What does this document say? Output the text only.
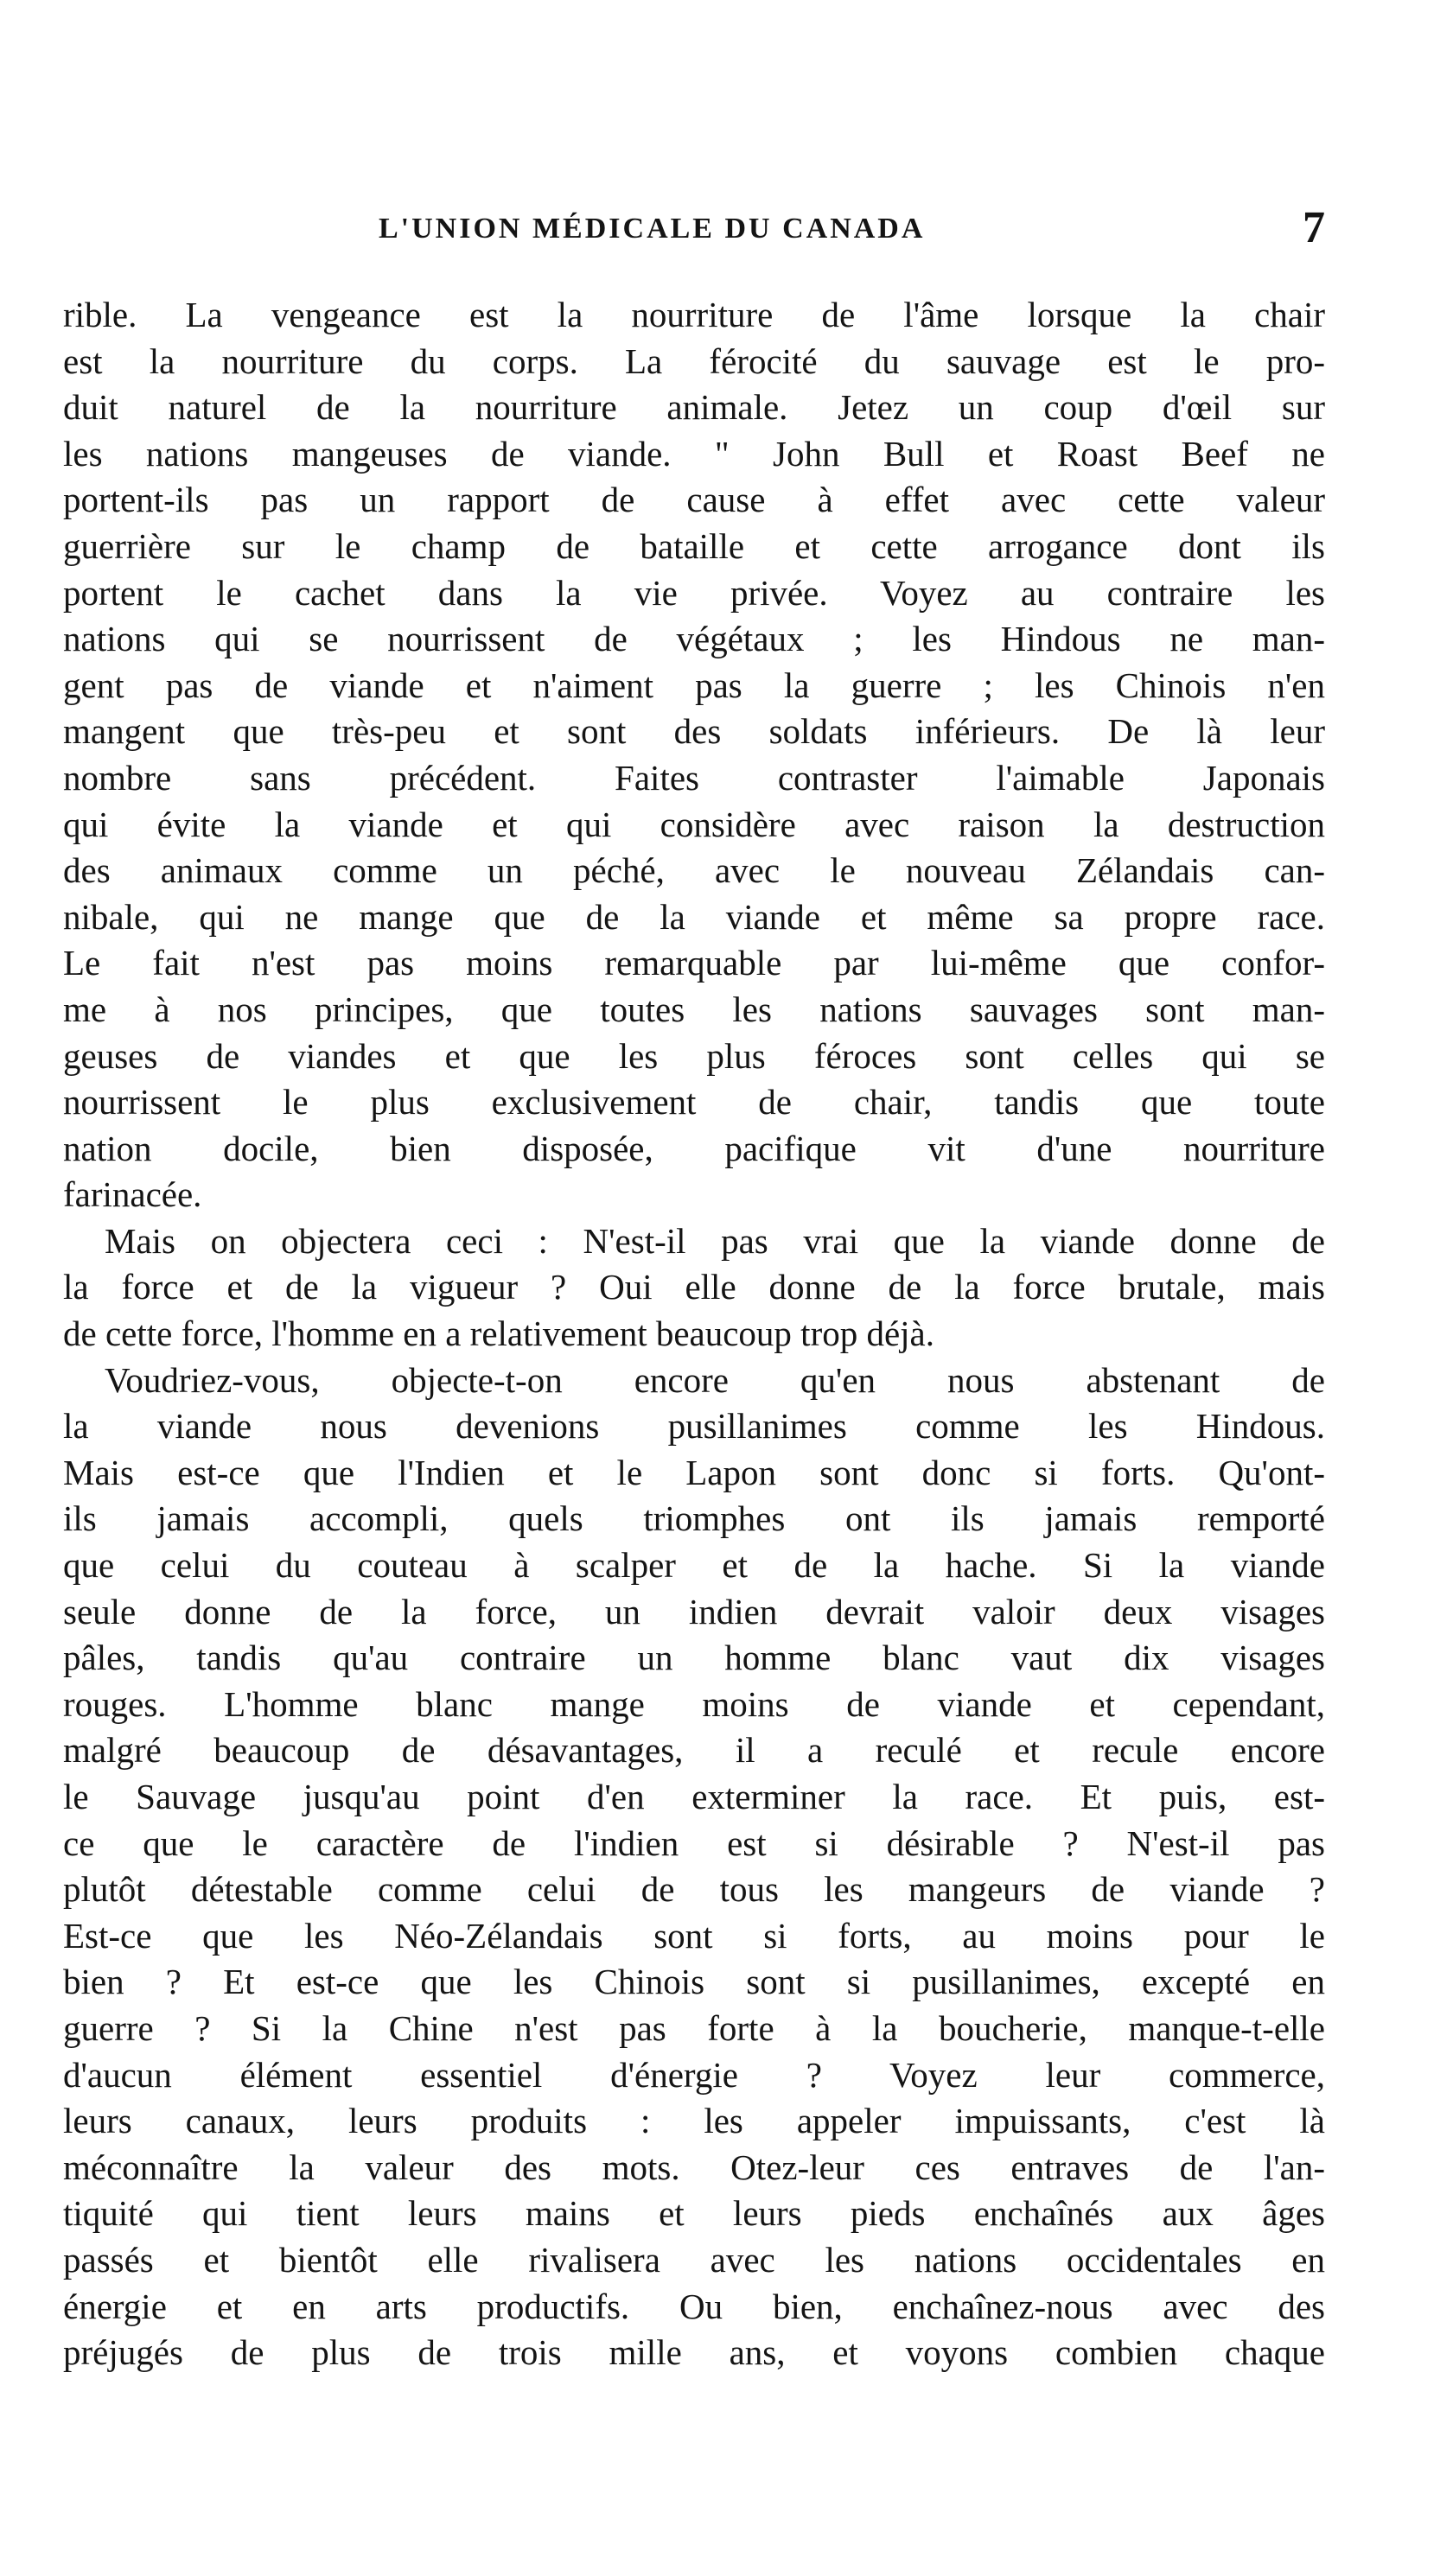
L'UNION MÉDICALE DU CANADA	7
rible. La vengeance est la nourriture de l'âme lorsque la chair
est la nourriture du corps. La férocité du sauvage est le pro-
duit naturel de la nourriture animale. Jetez un coup d'œil sur
les nations mangeuses de viande. " John Bull et Roast Beef ne
portent-ils pas un rapport de cause à effet avec cette valeur
guerrière sur le champ de bataille et cette arrogance dont ils
portent le cachet dans la vie privée. Voyez au contraire les
nations qui se nourrissent de végétaux ; les Hindous ne man-
gent pas de viande et n'aiment pas la guerre ; les Chinois n'en
mangent que très-peu et sont des soldats inférieurs. De là leur
nombre sans précédent. Faites contraster l'aimable Japonais
qui évite la viande et qui considère avec raison la destruction
des animaux comme un péché, avec le nouveau Zélandais can-
nibale, qui ne mange que de la viande et même sa propre race.
Le fait n'est pas moins remarquable par lui-même que confor-
me à nos principes, que toutes les nations sauvages sont man-
geuses de viandes et que les plus féroces sont celles qui se
nourrissent le plus exclusivement de chair, tandis que toute
nation docile, bien disposée, pacifique vit d'une nourriture
farinacée.
Mais on objectera ceci : N'est-il pas vrai que la viande donne de
la force et de la vigueur ? Oui elle donne de la force brutale, mais
de cette force, l'homme en a relativement beaucoup trop déjà.
Voudriez-vous, objecte-t-on encore qu'en nous abstenant de
la viande nous devenions pusillanimes comme les Hindous.
Mais est-ce que l'Indien et le Lapon sont donc si forts. Qu'ont-
ils jamais accompli, quels triomphes ont ils jamais remporté
que celui du couteau à scalper et de la hache. Si la viande
seule donne de la force, un indien devrait valoir deux visages
pâles, tandis qu'au contraire un homme blanc vaut dix visages
rouges. L'homme blanc mange moins de viande et cependant,
malgré beaucoup de désavantages, il a reculé et recule encore
le Sauvage jusqu'au point d'en exterminer la race. Et puis, est-
ce que le caractère de l'indien est si désirable ? N'est-il pas
plutôt détestable comme celui de tous les mangeurs de viande ?
Est-ce que les Néo-Zélandais sont si forts, au moins pour le
bien ? Et est-ce que les Chinois sont si pusillanimes, excepté en
guerre ? Si la Chine n'est pas forte à la boucherie, manque-t-elle
d'aucun élément essentiel d'énergie ? Voyez leur commerce,
leurs canaux, leurs produits : les appeler impuissants, c'est là
méconnaître la valeur des mots. Otez-leur ces entraves de l'an-
tiquité qui tient leurs mains et leurs pieds enchaînés aux âges
passés et bientôt elle rivalisera avec les nations occidentales en
énergie et en arts productifs. Ou bien, enchaînez-nous avec des
préjugés de plus de trois mille ans, et voyons combien chaque
